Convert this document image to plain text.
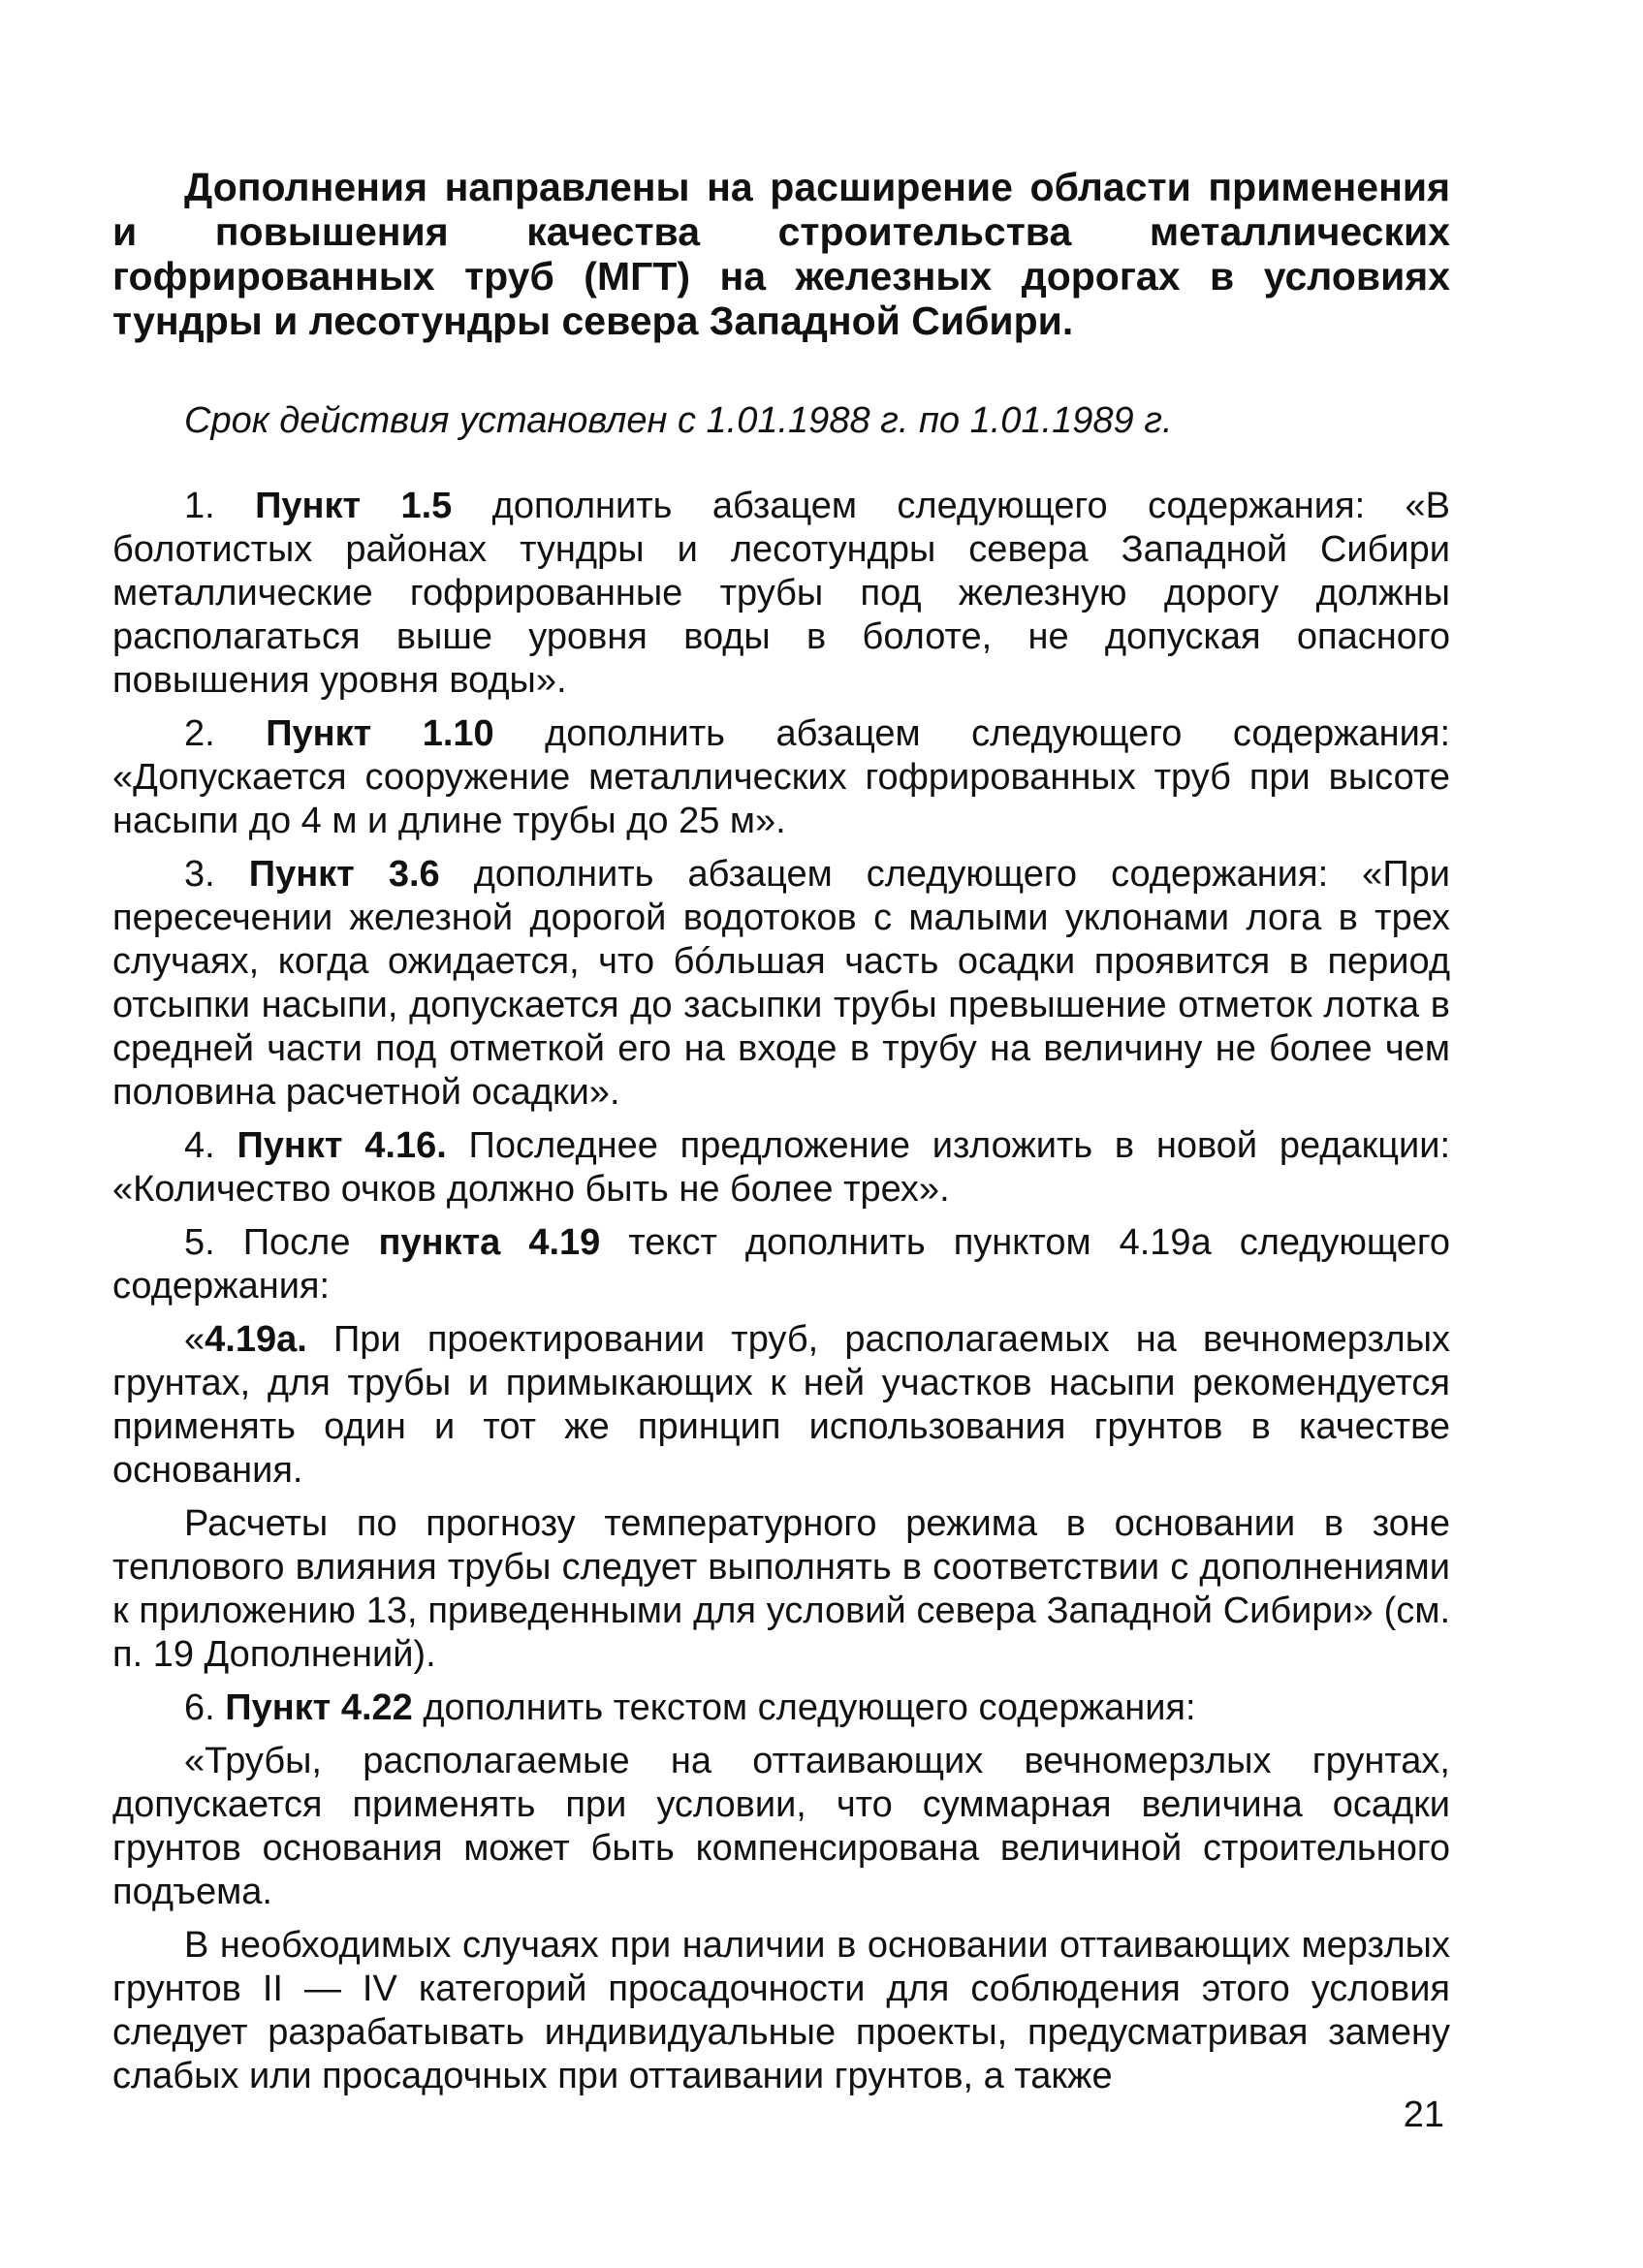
Дополнения направлены на расширение области применения и повышения качества строительства металлических гофрированных труб (МГТ) на железных дорогах в условиях тундры и лесотундры севера Западной Сибири.

Срок действия установлен с 1.01.1988 г. по 1.01.1989 г.

1. Пункт 1.5 дополнить абзацем следующего содержания: «В болотистых районах тундры и лесотундры севера Западной Сибири металлические гофрированные трубы под железную дорогу должны располагаться выше уровня воды в болоте, не допуская опасного повышения уровня воды».

2. Пункт 1.10 дополнить абзацем следующего содержания: «Допускается сооружение металлических гофрированных труб при высоте насыпи до 4 м и длине трубы до 25 м».

3. Пункт 3.6 дополнить абзацем следующего содержания: «При пересечении железной дорогой водотоков с малыми уклонами лога в трех случаях, когда ожидается, что бóльшая часть осадки проявится в период отсыпки насыпи, допускается до засыпки трубы превышение отметок лотка в средней части под отметкой его на входе в трубу на величину не более чем половина расчетной осадки».

4. Пункт 4.16. Последнее предложение изложить в новой редакции: «Количество очков должно быть не более трех».

5. После пункта 4.19 текст дополнить пунктом 4.19а следующего содержания:

«4.19а. При проектировании труб, располагаемых на вечномерзлых грунтах, для трубы и примыкающих к ней участков насыпи рекомендуется применять один и тот же принцип использования грунтов в качестве основания.

Расчеты по прогнозу температурного режима в основании в зоне теплового влияния трубы следует выполнять в соответствии с дополнениями к приложению 13, приведенными для условий севера Западной Сибири» (см. п. 19 Дополнений).

6. Пункт 4.22 дополнить текстом следующего содержания:

«Трубы, располагаемые на оттаивающих вечномерзлых грунтах, допускается применять при условии, что суммарная величина осадки грунтов основания может быть компенсирована величиной строительного подъема.

В необходимых случаях при наличии в основании оттаивающих мерзлых грунтов II — IV категорий просадочности для соблюдения этого условия следует разрабатывать индивидуальные проекты, предусматривая замену слабых или просадочных при оттаивании грунтов, а также

21
